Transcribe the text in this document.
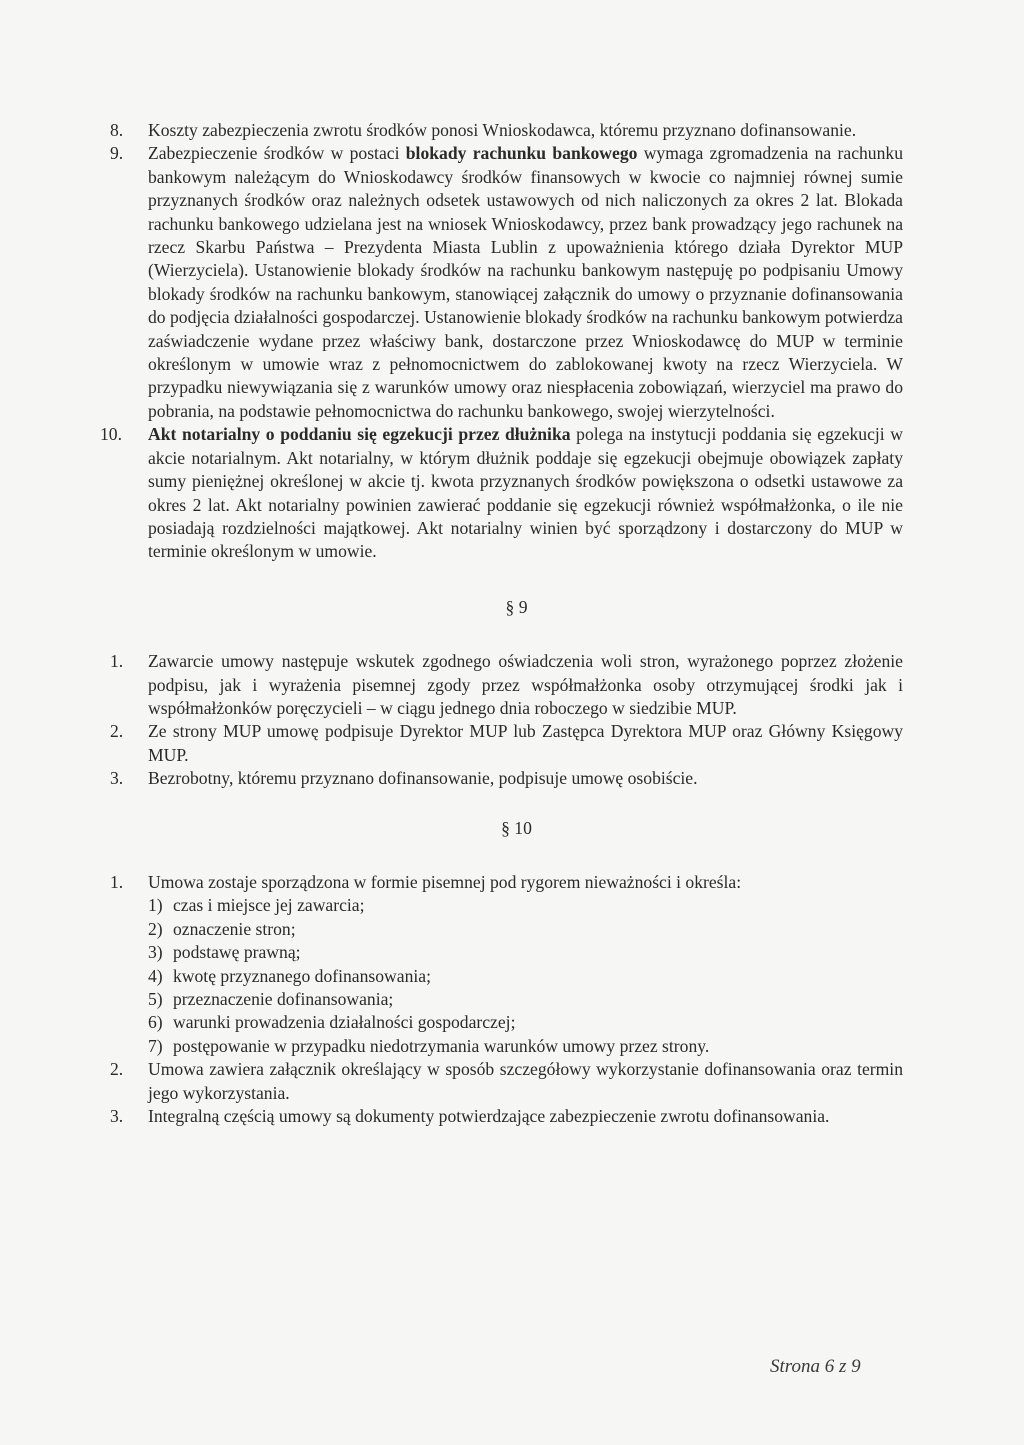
8.	Koszty zabezpieczenia zwrotu środków ponosi Wnioskodawca, któremu przyznano dofinansowanie.
9.	Zabezpieczenie środków w postaci blokady rachunku bankowego wymaga zgromadzenia na rachunku bankowym należącym do Wnioskodawcy środków finansowych w kwocie co najmniej równej sumie przyznanych środków oraz należnych odsetek ustawowych od nich naliczonych za okres 2 lat. Blokada rachunku bankowego udzielana jest na wniosek Wnioskodawcy, przez bank prowadzący jego rachunek na rzecz Skarbu Państwa – Prezydenta Miasta Lublin z upoważnienia którego działa Dyrektor MUP (Wierzyciela). Ustanowienie blokady środków na rachunku bankowym następuję po podpisaniu Umowy blokady środków na rachunku bankowym, stanowiącej załącznik do umowy o przyznanie dofinansowania do podjęcia działalności gospodarczej. Ustanowienie blokady środków na rachunku bankowym potwierdza zaświadczenie wydane przez właściwy bank, dostarczone przez Wnioskodawcę do MUP w terminie określonym w umowie wraz z pełnomocnictwem do zablokowanej kwoty na rzecz Wierzyciela. W przypadku niewywiązania się z warunków umowy oraz niespłacenia zobowiązań, wierzyciel ma prawo do pobrania, na podstawie pełnomocnictwa do rachunku bankowego, swojej wierzytelności.
10.	Akt notarialny o poddaniu się egzekucji przez dłużnika polega na instytucji poddania się egzekucji w akcie notarialnym. Akt notarialny, w którym dłużnik poddaje się egzekucji obejmuje obowiązek zapłaty sumy pieniężnej określonej w akcie tj. kwota przyznanych środków powiększona o odsetki ustawowe za okres 2 lat. Akt notarialny powinien zawierać poddanie się egzekucji również współmałżonka, o ile nie posiadają rozdzielności majątkowej. Akt notarialny winien być sporządzony i dostarczony do MUP w terminie określonym w umowie.
§ 9
1.	Zawarcie umowy następuje wskutek zgodnego oświadczenia woli stron, wyrażonego poprzez złożenie podpisu, jak i wyrażenia pisemnej zgody przez współmałżonka osoby otrzymującej środki jak i współmałżonków poręczycieli – w ciągu jednego dnia roboczego w siedzibie MUP.
2.	Ze strony MUP umowę podpisuje Dyrektor MUP lub Zastępca Dyrektora MUP oraz Główny Księgowy MUP.
3.	Bezrobotny, któremu przyznano dofinansowanie, podpisuje umowę osobiście.
§ 10
1.	Umowa zostaje sporządzona w formie pisemnej pod rygorem nieważności i określa:
1) czas i miejsce jej zawarcia;
2) oznaczenie stron;
3) podstawę prawną;
4) kwotę przyznanego dofinansowania;
5) przeznaczenie dofinansowania;
6) warunki prowadzenia działalności gospodarczej;
7) postępowanie w przypadku niedotrzymania warunków umowy przez strony.
2.	Umowa zawiera załącznik określający w sposób szczegółowy wykorzystanie dofinansowania oraz termin jego wykorzystania.
3.	Integralną częścią umowy są dokumenty potwierdzające zabezpieczenie zwrotu dofinansowania.
Strona 6 z 9
